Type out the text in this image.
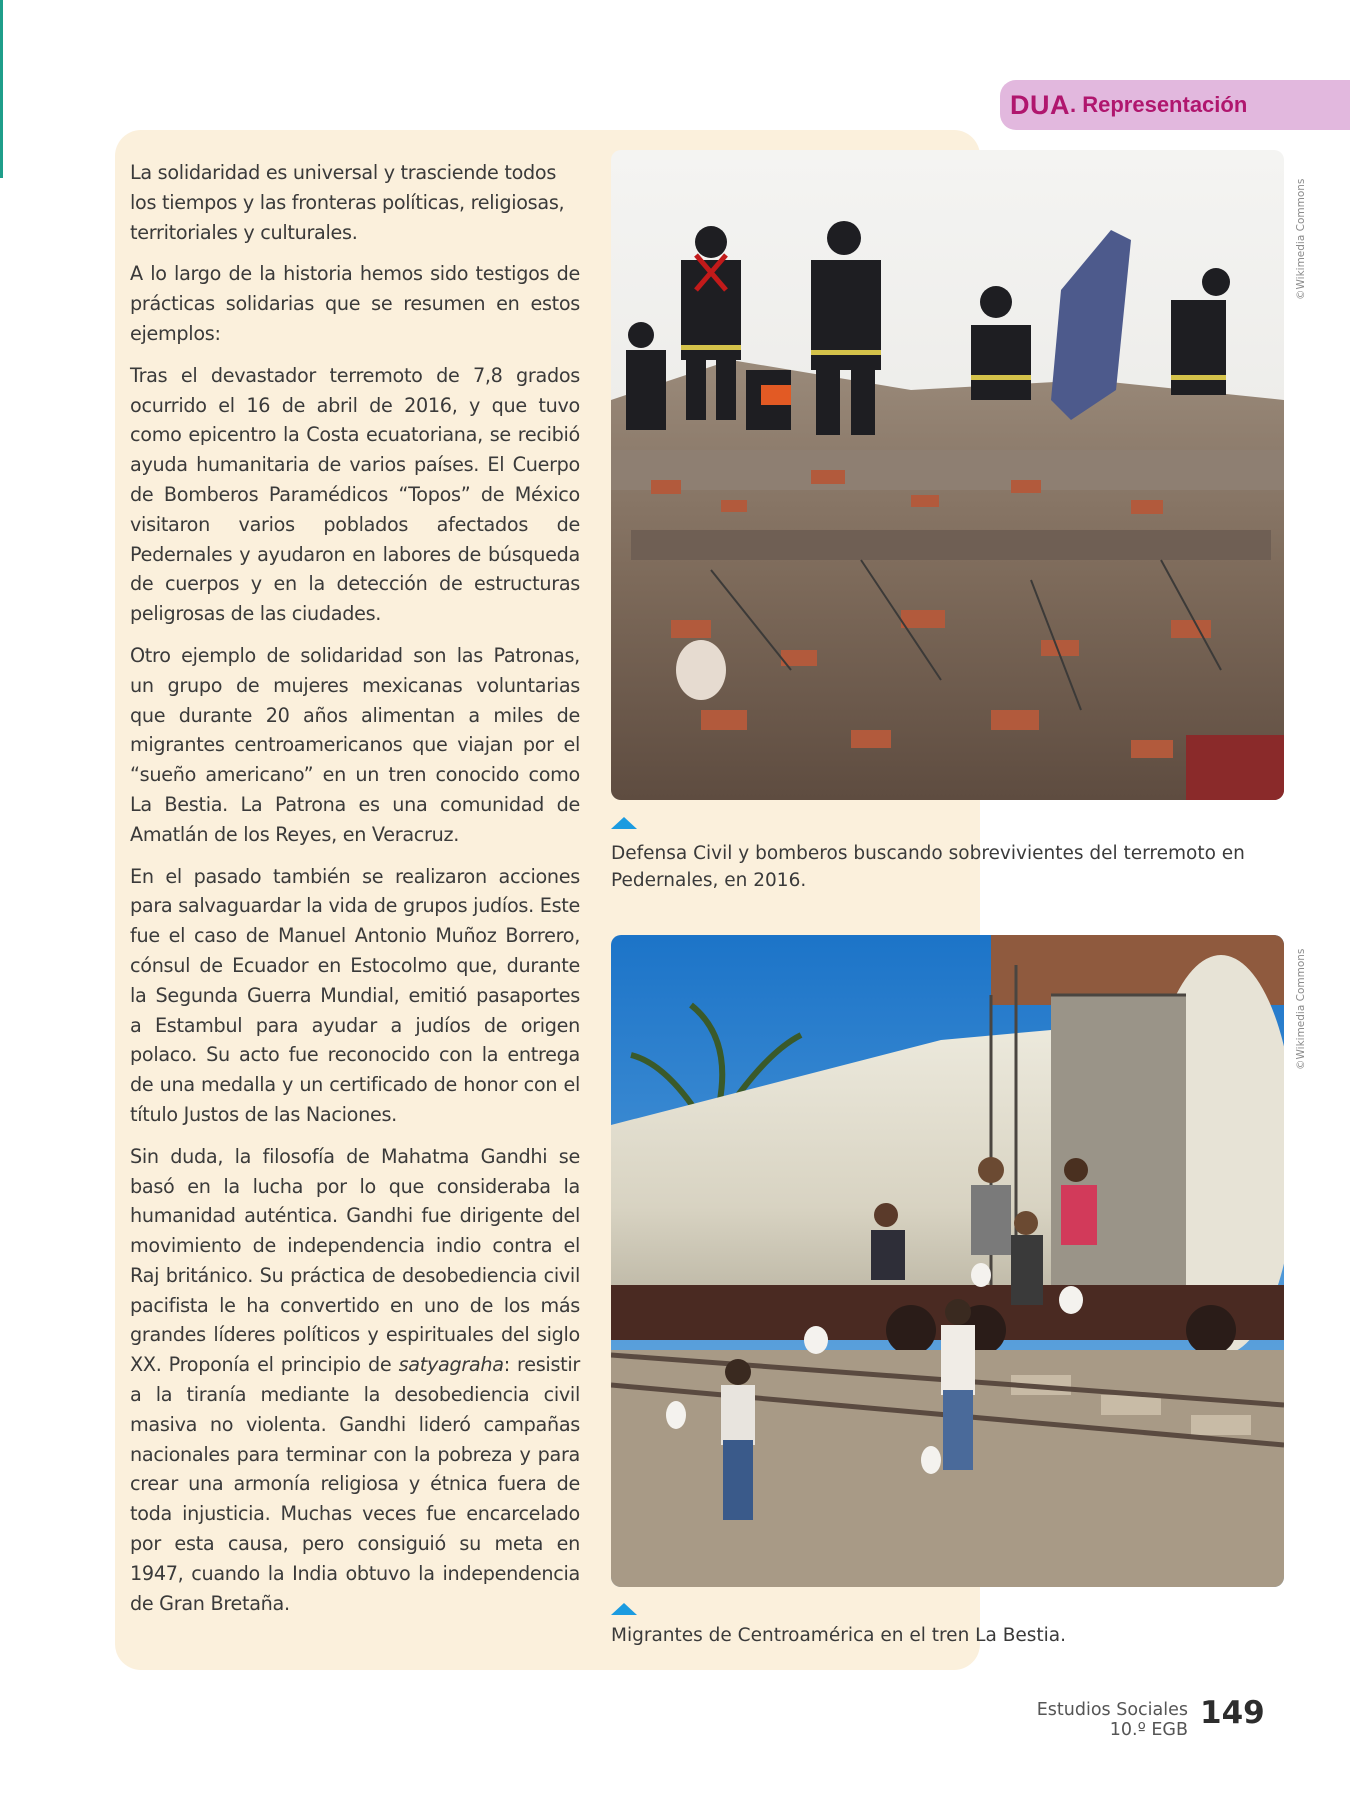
DUA . Representación

La solidaridad es universal y trasciende todos los tiempos y las fronteras políticas, religiosas, territoriales y culturales.

A lo largo de la historia hemos sido testigos de prácticas solidarias que se resumen en estos ejemplos:

Tras el devastador terremoto de 7,8 grados ocurrido el 16 de abril de 2016, y que tuvo como epicentro la Costa ecuatoriana, se recibió ayuda humanitaria de varios países. El Cuerpo de Bomberos Paramédicos “Topos” de México visitaron varios poblados afectados de Pedernales y ayudaron en labores de búsqueda de cuerpos y en la detección de estructuras peligrosas de las ciudades.

Otro ejemplo de solidaridad son las Patronas, un grupo de mujeres mexicanas voluntarias que durante 20 años alimentan a miles de migrantes centroamericanos que viajan por el “sueño americano” en un tren conocido como La Bestia. La Patrona es una comunidad de Amatlán de los Reyes, en Veracruz.

En el pasado también se realizaron acciones para salvaguardar la vida de grupos judíos. Este fue el caso de Manuel Antonio Muñoz Borrero, cónsul de Ecuador en Estocolmo que, durante la Segunda Guerra Mundial, emitió pasaportes a Estambul para ayudar a judíos de origen polaco. Su acto fue reconocido con la entrega de una medalla y un certificado de honor con el título Justos de las Naciones.

Sin duda, la filosofía de Mahatma Gandhi se basó en la lucha por lo que consideraba la humanidad auténtica. Gandhi fue dirigente del movimiento de independencia indio contra el Raj británico. Su práctica de desobediencia civil pacifista le ha convertido en uno de los más grandes líderes políticos y espirituales del siglo XX. Proponía el principio de satyagraha: resistir a la tiranía mediante la desobediencia civil masiva no violenta. Gandhi lideró campañas nacionales para terminar con la pobreza y para crear una armonía religiosa y étnica fuera de toda injusticia. Muchas veces fue encarcelado por esta causa, pero consiguió su meta en 1947, cuando la India obtuvo la independencia de Gran Bretaña.

©Wikimedia Commons
Defensa Civil y bomberos buscando sobrevivientes del terremoto en Pedernales, en 2016.
©Wikimedia Commons
Migrantes de Centroamérica en el tren La Bestia.
Estudios Sociales
10.º EGB 149
